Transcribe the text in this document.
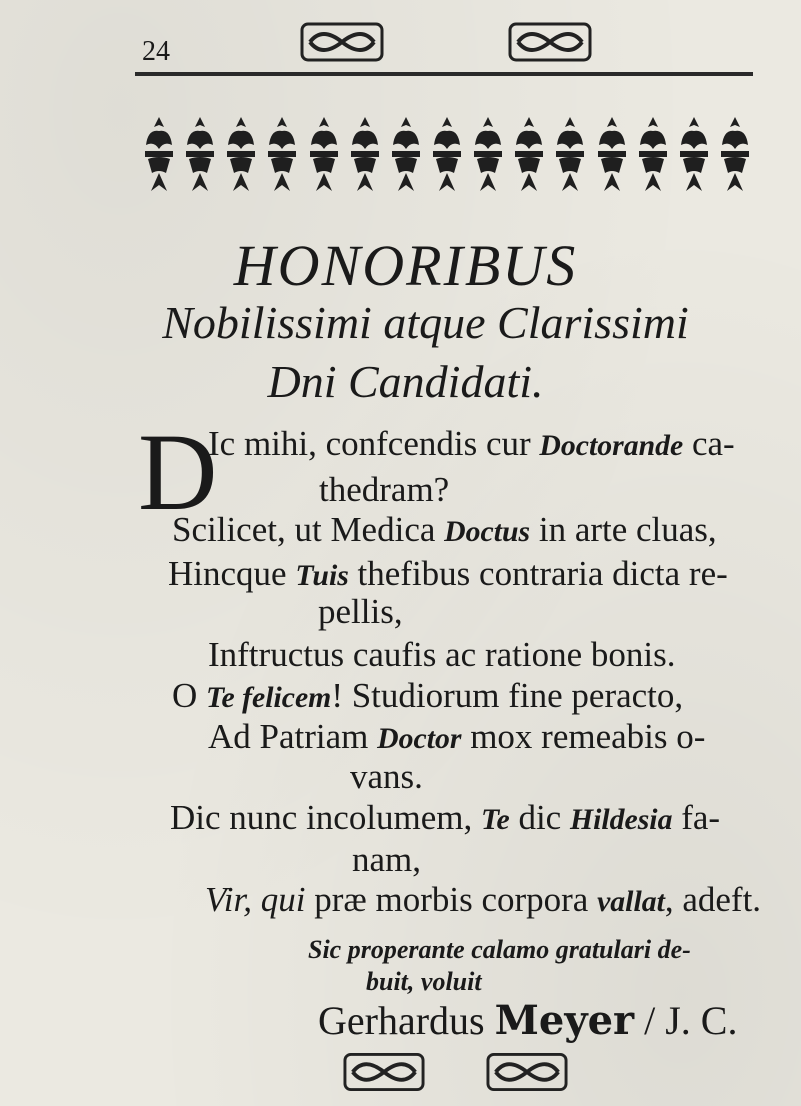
24
HONORIBUS
Nobilissimi atque Clarissimi
Dni Candidati.
D
Ic mihi, confcendis cur Doctorande ca-
thedram?
Scilicet, ut Medica Doctus in arte cluas,
Hincque Tuis thefibus contraria dicta re-
pellis,
Inftructus caufis ac ratione bonis.
O Te felicem! Studiorum fine peracto,
Ad Patriam Doctor mox remeabis o-
vans.
Dic nunc incolumem, Te dic Hildesia fa-
nam,
Vir, qui præ morbis corpora vallat, adeft.
Sic properante calamo gratulari de-
buit, voluit
Gerhardus Meyer / J. C.
